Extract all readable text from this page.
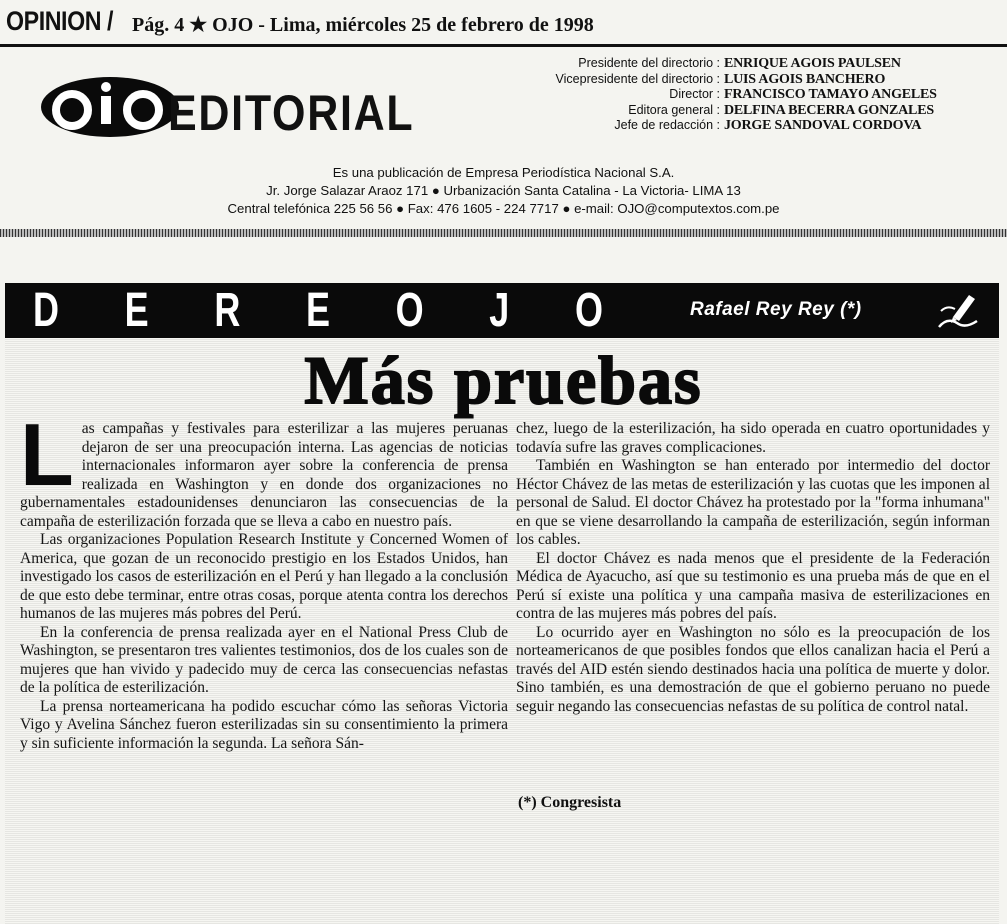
OPINION / Pág. 4 ★ OJO - Lima, miércoles 25 de febrero de 1998
EDITORIAL
Presidente del directorio : ENRIQUE AGOIS PAULSEN
Vicepresidente del directorio : LUIS AGOIS BANCHERO
Director : FRANCISCO TAMAYO ANGELES
Editora general : DELFINA BECERRA GONZALES
Jefe de redacción : JORGE SANDOVAL CORDOVA
Es una publicación de Empresa Periodística Nacional S.A.
Jr. Jorge Salazar Araoz 171 ● Urbanización Santa Catalina - La Victoria- LIMA 13
Central telefónica 225 56 56 ● Fax: 476 1605 - 224 7717 ● e-mail: OJO@computextos.com.pe
D E R E O J O	Rafael Rey Rey (*)
Más pruebas

Las campañas y festivales para esterilizar a las mujeres peruanas dejaron de ser una preocupación interna. Las agencias de noticias internacionales informaron ayer sobre la conferencia de prensa realizada en Washington y en donde dos organizaciones no gubernamentales estadounidenses denunciaron las consecuencias de la campaña de esterilización forzada que se lleva a cabo en nuestro país.

Las organizaciones Population Research Institute y Concerned Women of America, que gozan de un reconocido prestigio en los Estados Unidos, han investigado los casos de esterilización en el Perú y han llegado a la conclusión de que esto debe terminar, entre otras cosas, porque atenta contra los derechos humanos de las mujeres más pobres del Perú.

En la conferencia de prensa realizada ayer en el National Press Club de Washington, se presentaron tres valientes testimonios, dos de los cuales son de mujeres que han vivido y padecido muy de cerca las consecuencias nefastas de la política de esterilización.

La prensa norteamericana ha podido escuchar cómo las señoras Victoria Vigo y Avelina Sánchez fueron esterilizadas sin su consentimiento la primera y sin suficiente información la segunda. La señora Sán-

chez, luego de la esterilización, ha sido operada en cuatro oportunidades y todavía sufre las graves complicaciones.

También en Washington se han enterado por intermedio del doctor Héctor Chávez de las metas de esterilización y las cuotas que les imponen al personal de Salud. El doctor Chávez ha protestado por la "forma inhumana" en que se viene desarrollando la campaña de esterilización, según informan los cables.

El doctor Chávez es nada menos que el presidente de la Federación Médica de Ayacucho, así que su testimonio es una prueba más de que en el Perú sí existe una política y una campaña masiva de esterilizaciones en contra de las mujeres más pobres del país.

Lo ocurrido ayer en Washington no sólo es la preocupación de los norteamericanos de que posibles fondos que ellos canalizan hacia el Perú a través del AID estén siendo destinados hacia una política de muerte y dolor. Sino también, es una demostración de que el gobierno peruano no puede seguir negando las consecuencias nefastas de su política de control natal.

(*) Congresista
